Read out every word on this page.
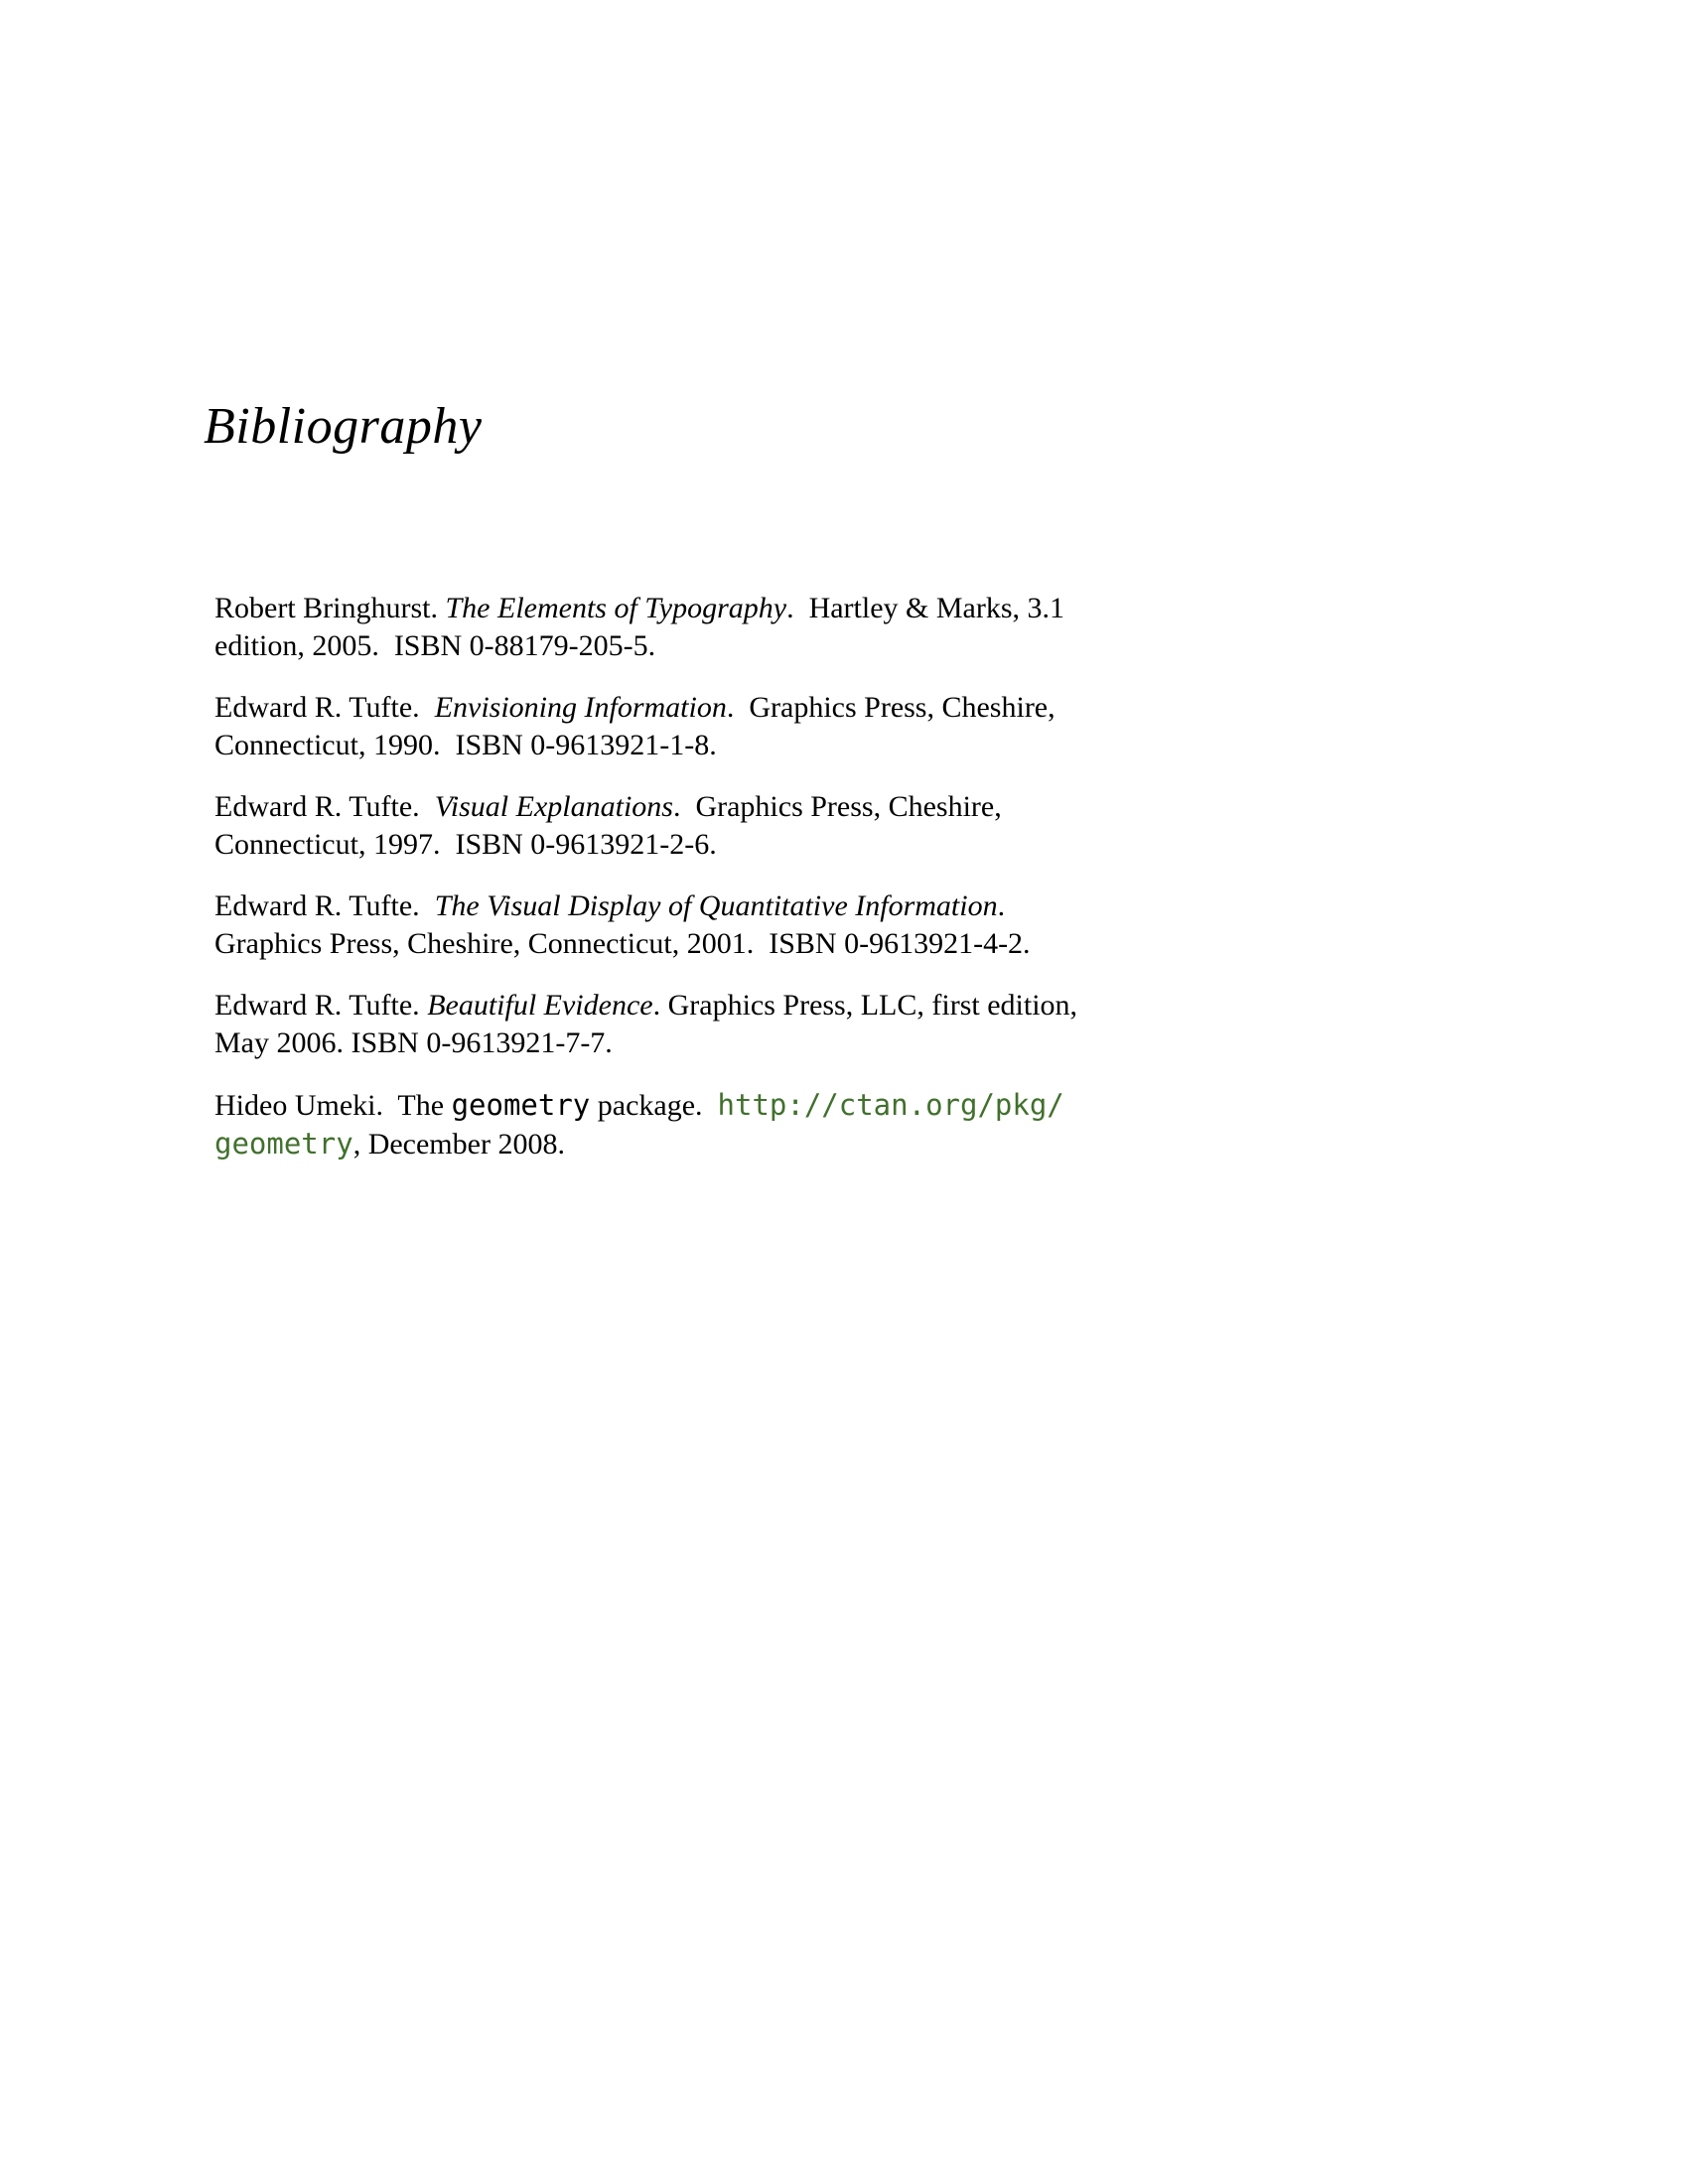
Bibliography

Robert Bringhurst. The Elements of Typography.  Hartley & Marks, 3.1 edition, 2005.  ISBN 0-88179-205-5.

Edward R. Tufte.  Envisioning Information.  Graphics Press, Cheshire, Connecticut, 1990.  ISBN 0-9613921-1-8.

Edward R. Tufte.  Visual Explanations.  Graphics Press, Cheshire, Connecticut, 1997.  ISBN 0-9613921-2-6.

Edward R. Tufte.  The Visual Display of Quantitative Information.  Graphics Press, Cheshire, Connecticut, 2001.  ISBN 0-9613921-4-2.

Edward R. Tufte. Beautiful Evidence. Graphics Press, LLC, first edition, May 2006. ISBN 0-9613921-7-7.

Hideo Umeki.  The geometry package.  http://ctan.org/pkg/geometry, December 2008.
